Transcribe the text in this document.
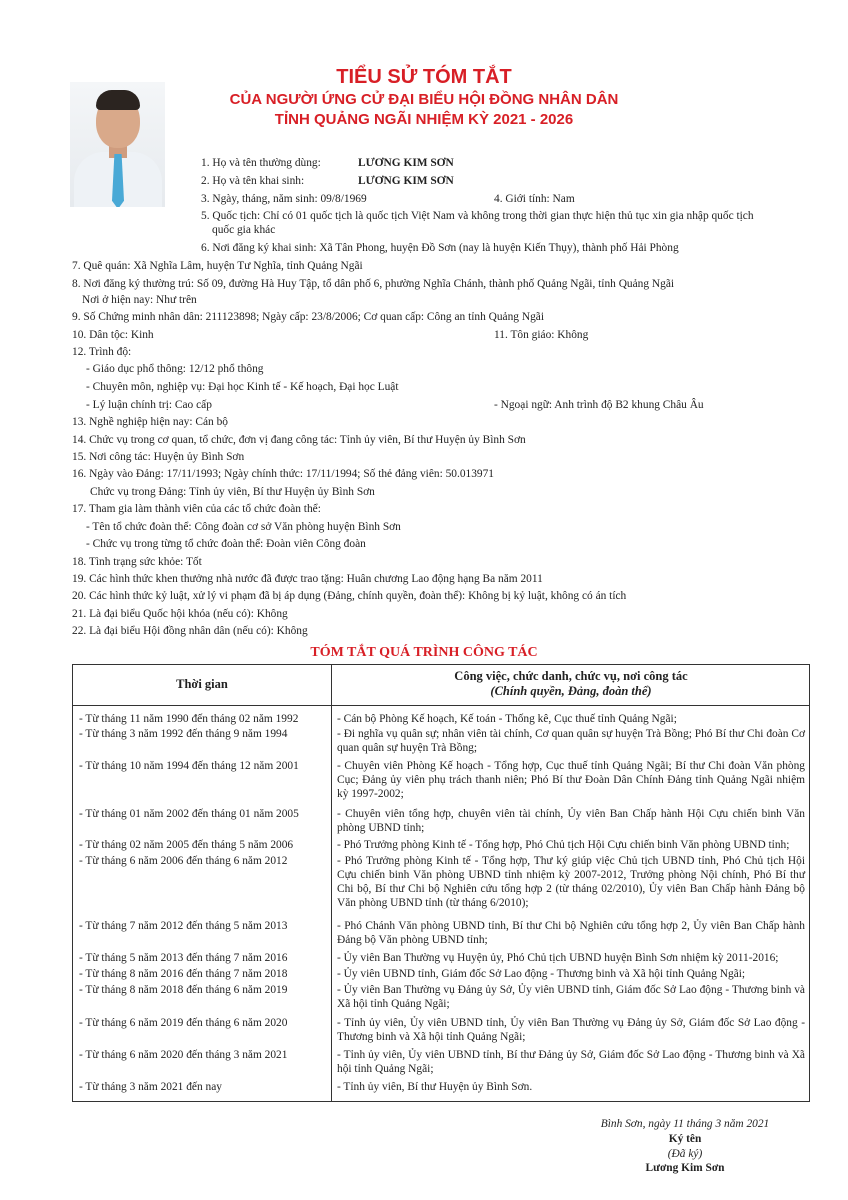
TIỂU SỬ TÓM TẮT
CỦA NGƯỜI ỨNG CỬ ĐẠI BIỂU HỘI ĐỒNG NHÂN DÂN
TỈNH QUẢNG NGÃI NHIỆM KỲ 2021 - 2026
1. Họ và tên thường dùng:	LƯƠNG KIM SƠN
2. Họ và tên khai sinh:	LƯƠNG KIM SƠN
3. Ngày, tháng, năm sinh: 09/8/1969	4. Giới tính: Nam
5. Quốc tịch: Chỉ có 01 quốc tịch là quốc tịch Việt Nam và không trong thời gian thực hiện thủ tục xin gia nhập quốc tịch
quốc gia khác
6. Nơi đăng ký khai sinh: Xã Tân Phong, huyện Đồ Sơn (nay là huyện Kiến Thụy), thành phố Hải Phòng
7. Quê quán: Xã Nghĩa Lâm, huyện Tư Nghĩa, tỉnh Quảng Ngãi
8. Nơi đăng ký thường trú: Số 09, đường Hà Huy Tập, tổ dân phố 6, phường Nghĩa Chánh, thành phố Quảng Ngãi, tỉnh Quảng Ngãi
Nơi ở hiện nay: Như trên
9. Số Chứng minh nhân dân: 211123898; Ngày cấp: 23/8/2006; Cơ quan cấp: Công an tỉnh Quảng Ngãi
10. Dân tộc: Kinh	11. Tôn giáo: Không
12. Trình độ:
- Giáo dục phổ thông: 12/12 phổ thông
- Chuyên môn, nghiệp vụ: Đại học Kinh tế - Kế hoạch, Đại học Luật
- Lý luận chính trị: Cao cấp	- Ngoại ngữ: Anh trình độ B2 khung Châu Âu
13. Nghề nghiệp hiện nay: Cán bộ
14. Chức vụ trong cơ quan, tổ chức, đơn vị đang công tác: Tỉnh ủy viên, Bí thư Huyện ủy Bình Sơn
15. Nơi công tác: Huyện ủy Bình Sơn
16. Ngày vào Đảng: 17/11/1993; Ngày chính thức: 17/11/1994; Số thẻ đảng viên: 50.013971
Chức vụ trong Đảng: Tỉnh ủy viên, Bí thư Huyện ủy Bình Sơn
17. Tham gia làm thành viên của các tổ chức đoàn thể:
- Tên tổ chức đoàn thể: Công đoàn cơ sở Văn phòng huyện Bình Sơn
- Chức vụ trong từng tổ chức đoàn thể: Đoàn viên Công đoàn
18. Tình trạng sức khỏe: Tốt
19. Các hình thức khen thưởng nhà nước đã được trao tặng: Huân chương Lao động hạng Ba năm 2011
20. Các hình thức kỷ luật, xử lý vi phạm đã bị áp dụng (Đảng, chính quyền, đoàn thể): Không bị kỷ luật, không có án tích
21. Là đại biểu Quốc hội khóa (nếu có): Không
22. Là đại biểu Hội đồng nhân dân (nếu có): Không
TÓM TẮT QUÁ TRÌNH CÔNG TÁC
Thời gian
Công việc, chức danh, chức vụ, nơi công tác
(Chính quyền, Đảng, đoàn thể)
- Từ tháng 11 năm 1990 đến tháng 02 năm 1992	- Cán bộ Phòng Kế hoạch, Kế toán - Thống kê, Cục thuế tỉnh Quảng Ngãi;
- Từ tháng 3 năm 1992 đến tháng 9 năm 1994	- Đi nghĩa vụ quân sự; nhân viên tài chính, Cơ quan quân sự huyện Trà Bồng; Phó Bí thư Chi đoàn Cơ quan quân sự huyện Trà Bồng;
- Từ tháng 10 năm 1994 đến tháng 12 năm 2001	- Chuyên viên Phòng Kế hoạch - Tổng hợp, Cục thuế tỉnh Quảng Ngãi; Bí thư Chi đoàn Văn phòng Cục; Đảng ủy viên phụ trách thanh niên; Phó Bí thư Đoàn Dân Chính Đảng tỉnh Quảng Ngãi nhiệm kỳ 1997-2002;
- Từ tháng 01 năm 2002 đến tháng 01 năm 2005	- Chuyên viên tổng hợp, chuyên viên tài chính, Ủy viên Ban Chấp hành Hội Cựu chiến binh Văn phòng UBND tỉnh;
- Từ tháng 02 năm 2005 đến tháng 5 năm 2006	- Phó Trưởng phòng Kinh tế - Tổng hợp, Phó Chủ tịch Hội Cựu chiến binh Văn phòng UBND tỉnh;
- Từ tháng 6 năm 2006 đến tháng 6 năm 2012	- Phó Trưởng phòng Kinh tế - Tổng hợp, Thư ký giúp việc Chủ tịch UBND tỉnh, Phó Chủ tịch Hội Cựu chiến binh Văn phòng UBND tỉnh nhiệm kỳ 2007-2012, Trưởng phòng Nội chính, Phó Bí thư Chi bộ, Bí thư Chi bộ Nghiên cứu tổng hợp 2 (từ tháng 02/2010), Ủy viên Ban Chấp hành Đảng bộ Văn phòng UBND tỉnh (từ tháng 6/2010);
- Từ tháng 7 năm 2012 đến tháng 5 năm 2013	- Phó Chánh Văn phòng UBND tỉnh, Bí thư Chi bộ Nghiên cứu tổng hợp 2, Ủy viên Ban Chấp hành Đảng bộ Văn phòng UBND tỉnh;
- Từ tháng 5 năm 2013 đến tháng 7 năm 2016	- Ủy viên Ban Thường vụ Huyện ủy, Phó Chủ tịch UBND huyện Bình Sơn nhiệm kỳ 2011-2016;
- Từ tháng 8 năm 2016 đến tháng 7 năm 2018	- Ủy viên UBND tỉnh, Giám đốc Sở Lao động - Thương binh và Xã hội tỉnh Quảng Ngãi;
- Từ tháng 8 năm 2018 đến tháng 6 năm 2019	- Ủy viên Ban Thường vụ Đảng ủy Sở, Ủy viên UBND tỉnh, Giám đốc Sở Lao động - Thương binh và Xã hội tỉnh Quảng Ngãi;
- Từ tháng 6 năm 2019 đến tháng 6 năm 2020	- Tỉnh ủy viên, Ủy viên UBND tỉnh, Ủy viên Ban Thường vụ Đảng ủy Sở, Giám đốc Sở Lao động - Thương binh và Xã hội tỉnh Quảng Ngãi;
- Từ tháng 6 năm 2020 đến tháng 3 năm 2021	- Tỉnh ủy viên, Ủy viên UBND tỉnh, Bí thư Đảng ủy Sở, Giám đốc Sở Lao động - Thương binh và Xã hội tỉnh Quảng Ngãi;
- Từ tháng 3 năm 2021 đến nay	- Tỉnh ủy viên, Bí thư Huyện ủy Bình Sơn.
Bình Sơn, ngày 11 tháng 3 năm 2021
Ký tên
(Đã ký)
Lương Kim Sơn
